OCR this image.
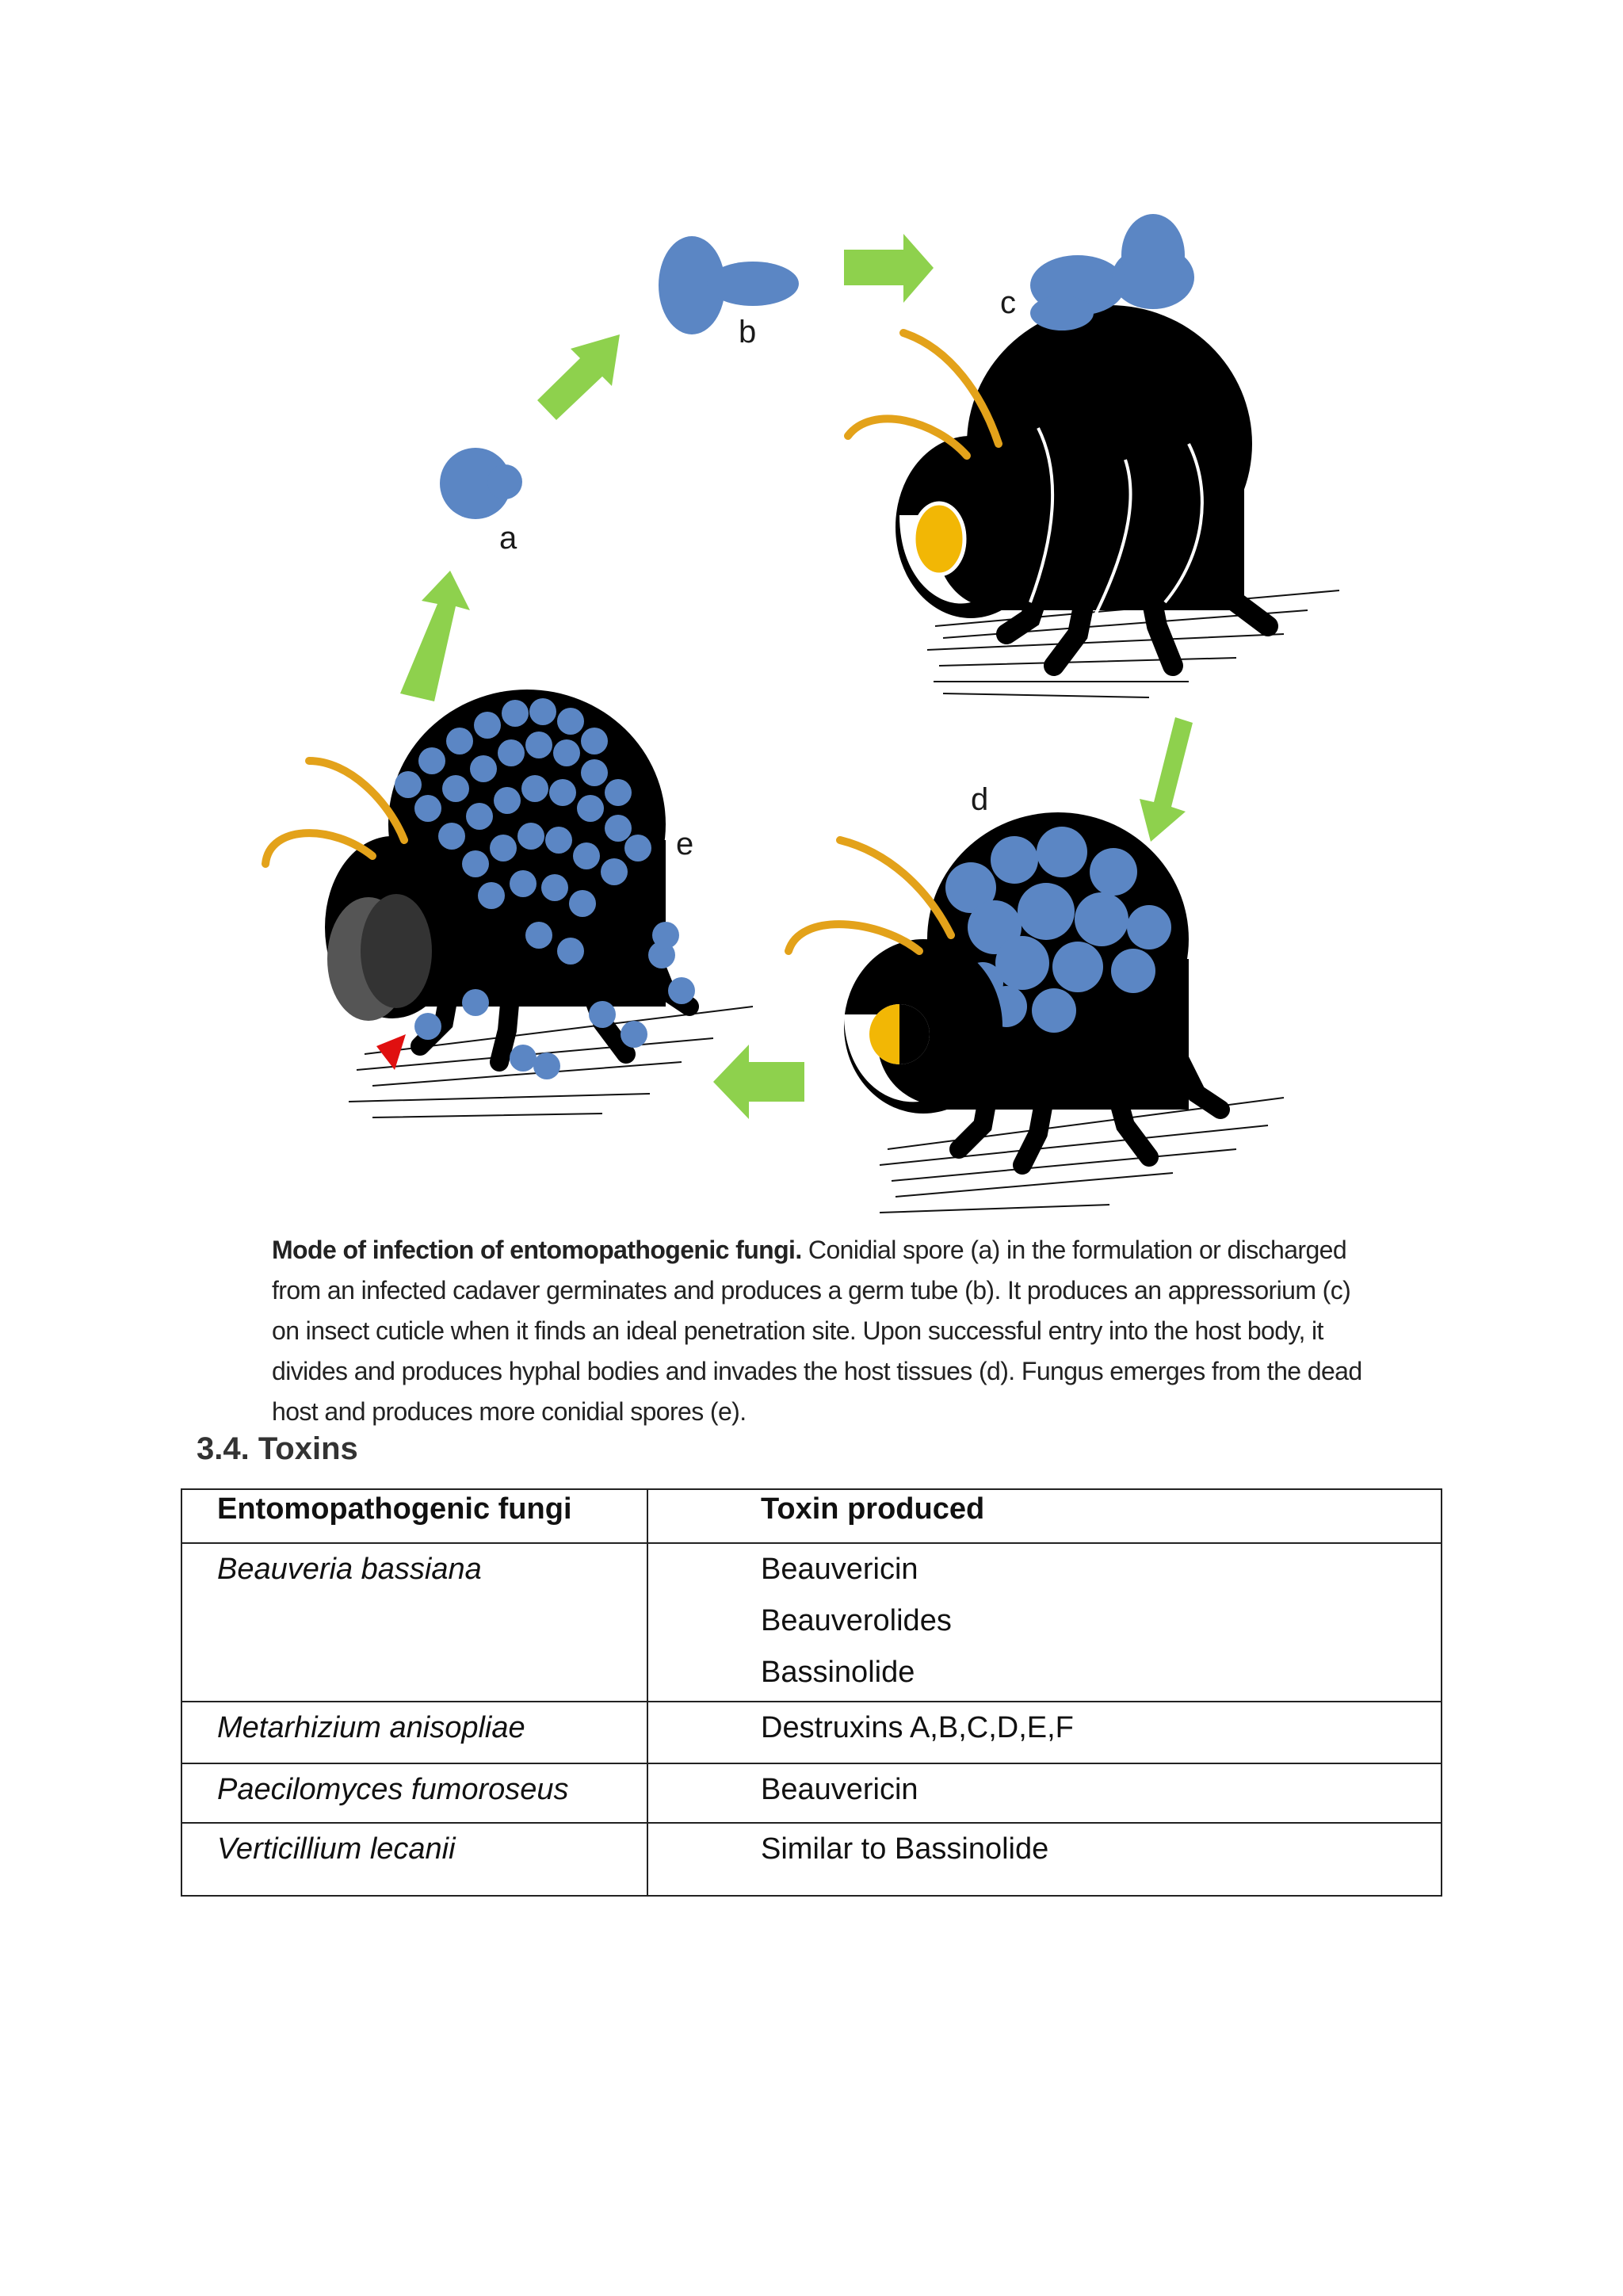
a
b
c
d
e
Mode of infection of entomopathogenic fungi. Conidial spore (a) in the formulation or discharged from an infected cadaver germinates and produces a germ tube (b). It produces an appressorium (c) on insect cuticle when it finds an ideal penetration site. Upon successful entry into the host body, it divides and produces hyphal bodies and invades the host tissues (d). Fungus emerges from the dead host and produces more conidial spores (e).
3.4. Toxins
Entomopathogenic fungi	Toxin produced
Beauveria bassiana	Beauvericin
Beauverolides
Bassinolide

Metarhizium anisopliae	Destruxins A,B,C,D,E,F
Paecilomyces fumoroseus	Beauvericin
Verticillium lecanii	Similar to Bassinolide
